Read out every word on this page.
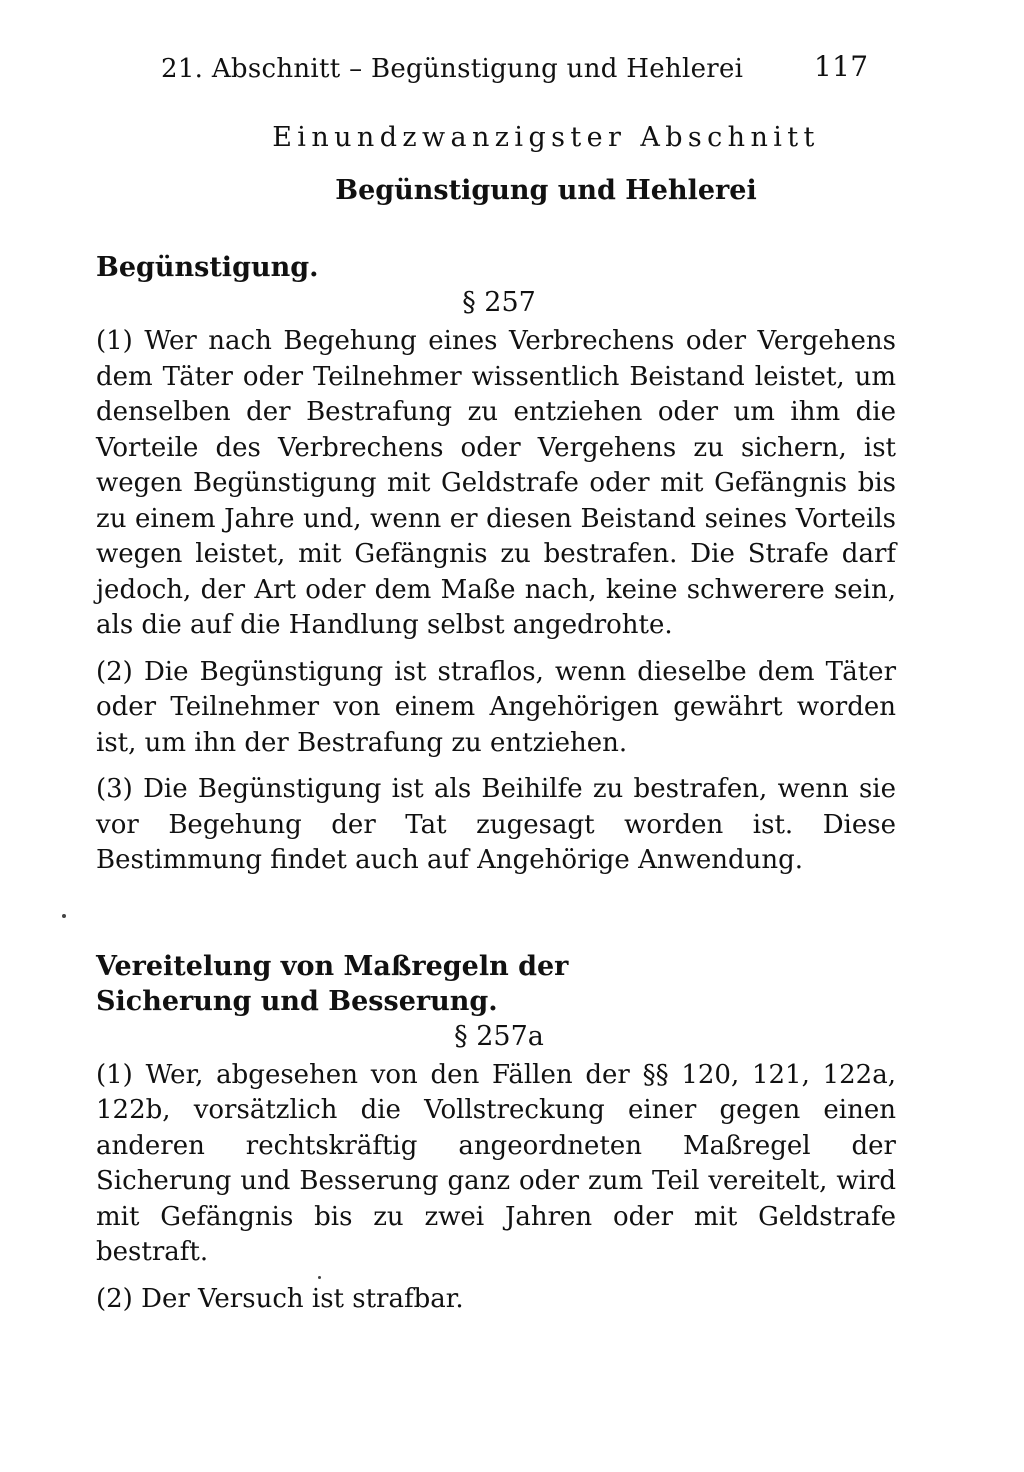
21. Abschnitt – Begünstigung und Hehlerei	117
Einundzwanzigster Abschnitt
Begünstigung und Hehlerei
Begünstigung.
§ 257

(1) Wer nach Begehung eines Verbrechens oder Vergehens dem Täter oder Teilnehmer wissentlich Beistand leistet, um denselben der Bestrafung zu entziehen oder um ihm die Vorteile des Verbrechens oder Vergehens zu sichern, ist wegen Begünstigung mit Geldstrafe oder mit Gefängnis bis zu einem Jahre und, wenn er diesen Beistand seines Vorteils wegen leistet, mit Gefängnis zu bestrafen. Die Strafe darf jedoch, der Art oder dem Maße nach, keine schwerere sein, als die auf die Handlung selbst angedrohte.

(2) Die Begünstigung ist straflos, wenn dieselbe dem Täter oder Teilnehmer von einem Angehörigen gewährt worden ist, um ihn der Bestrafung zu entziehen.

(3) Die Begünstigung ist als Beihilfe zu bestrafen, wenn sie vor Begehung der Tat zugesagt worden ist. Diese Bestimmung findet auch auf Angehörige Anwendung.

Vereitelung von Maßregeln der Sicherung und Besserung.
§ 257a

(1) Wer, abgesehen von den Fällen der §§ 120, 121, 122a, 122b, vorsätzlich die Vollstreckung einer gegen einen anderen rechtskräftig angeordneten Maßregel der Sicherung und Besserung ganz oder zum Teil vereitelt, wird mit Gefängnis bis zu zwei Jahren oder mit Geldstrafe bestraft.

(2) Der Versuch ist strafbar.
